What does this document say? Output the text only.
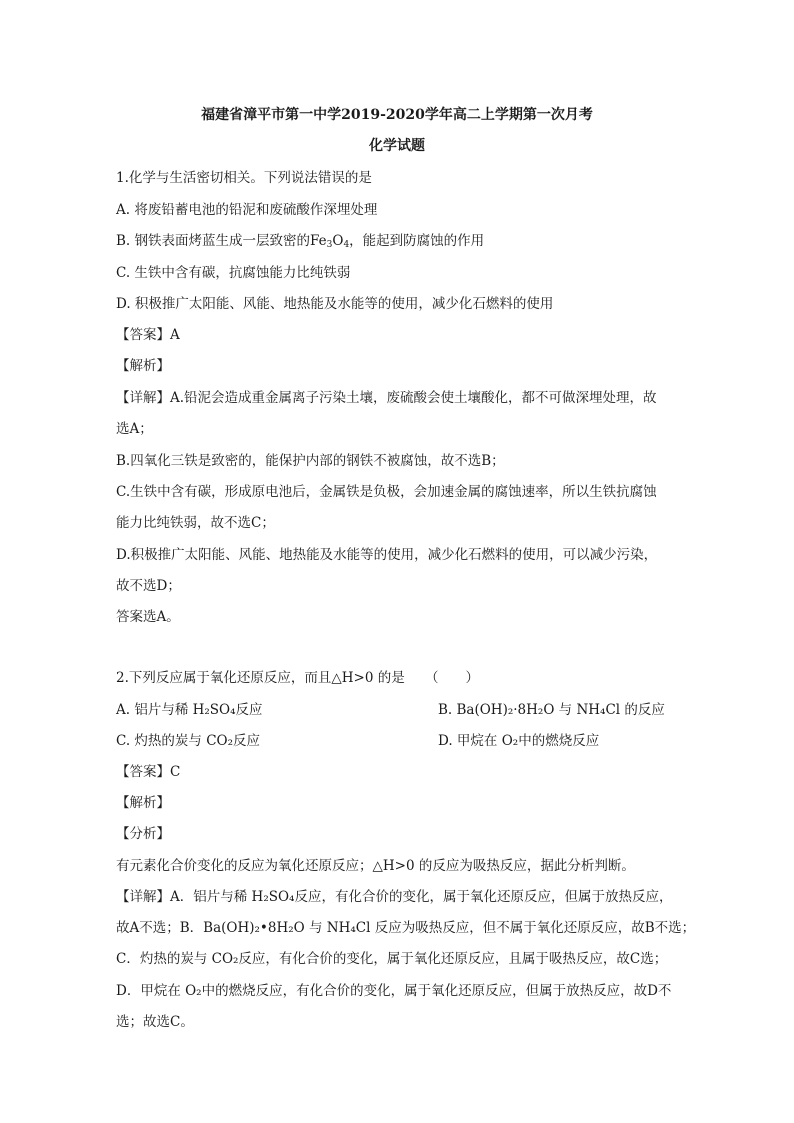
福建省漳平市第一中学2019-2020学年高二上学期第一次月考
化学试题
1.化学与生活密切相关。下列说法错误的是
A. 将废铅蓄电池的铅泥和废硫酸作深埋处理
B. 钢铁表面烤蓝生成一层致密的$Fe_3O_4$，能起到防腐蚀的作用
C. 生铁中含有碳，抗腐蚀能力比纯铁弱
D. 积极推广太阳能、风能、地热能及水能等的使用，减少化石燃料的使用
【答案】A
【解析】
【详解】A.铅泥会造成重金属离子污染土壤，废硫酸会使土壤酸化，都不可做深埋处理，故
选A；
B.四氧化三铁是致密的，能保护内部的钢铁不被腐蚀，故不选B；
C.生铁中含有碳，形成原电池后，金属铁是负极，会加速金属的腐蚀速率，所以生铁抗腐蚀
能力比纯铁弱，故不选C；
D.积极推广太阳能、风能、地热能及水能等的使用，减少化石燃料的使用，可以减少污染，
故不选D；
答案选A。
2.下列反应属于氧化还原反应，而且△H>0 的是　　（　　）
A. 铝片与稀 H₂SO₄反应	B. Ba(OH)₂·8H₂O 与 NH₄Cl 的反应
C. 灼热的炭与 CO₂反应	D. 甲烷在 O₂中的燃烧反应
【答案】C
【解析】
【分析】
有元素化合价变化的反应为氧化还原反应；△H>0 的反应为吸热反应，据此分析判断。
【详解】A．铝片与稀 H₂SO₄反应，有化合价的变化，属于氧化还原反应，但属于放热反应，
故A不选；B．Ba(OH)₂•8H₂O 与 NH₄Cl 反应为吸热反应，但不属于氧化还原反应，故B不选；
C．灼热的炭与 CO₂反应，有化合价的变化，属于氧化还原反应，且属于吸热反应，故C选；
D．甲烷在 O₂中的燃烧反应，有化合价的变化，属于氧化还原反应，但属于放热反应，故D不
选；故选C。
